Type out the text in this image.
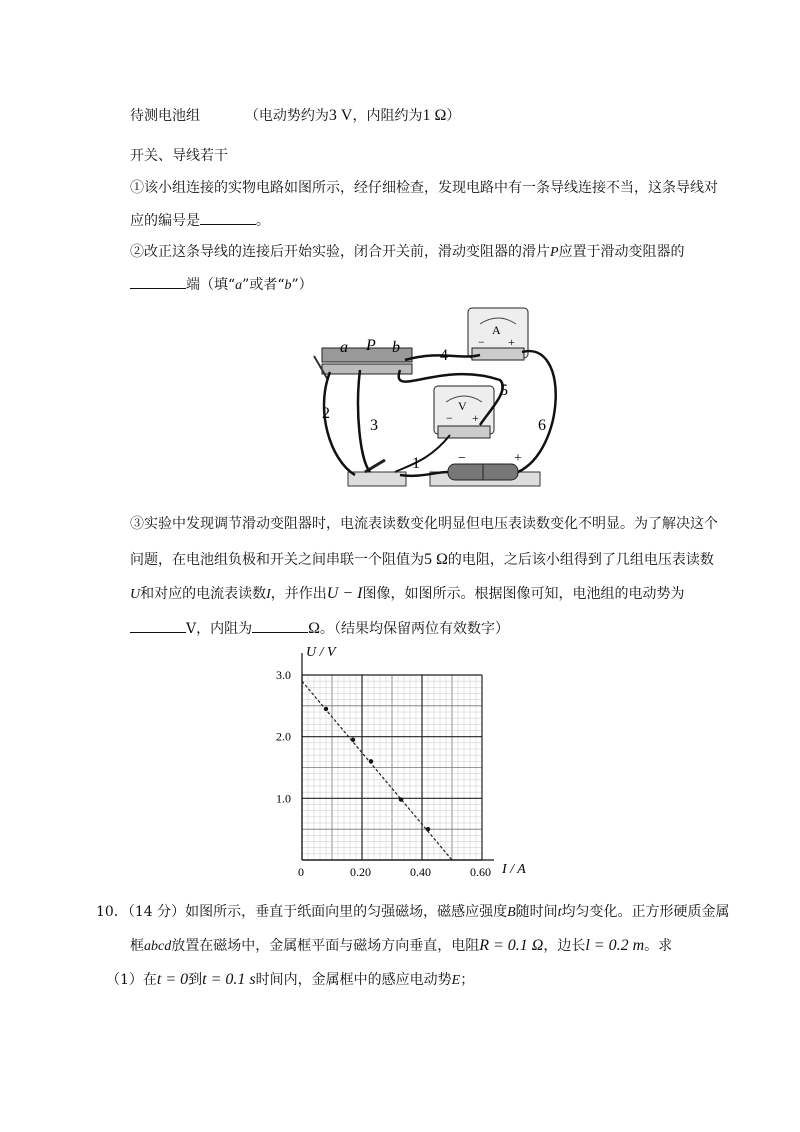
待测电池组	（电动势约为3 V，内阻约为1 Ω）
开关、导线若干
①该小组连接的实物电路如图所示，经仔细检查，发现电路中有一条导线连接不当，这条导线对
应的编号是	。
②改正这条导线的连接后开始实验，闭合开关前，滑动变阻器的滑片P应置于滑动变阻器的
端（填“a”或者“b”）
a P b	4
5
6
2
3
1
A
− +
V
− +
−	+
③实验中发现调节滑动变阻器时，电流表读数变化明显但电压表读数变化不明显。为了解决这个
问题，在电池组负极和开关之间串联一个阻值为5 Ω的电阻，之后该小组得到了几组电压表读数
U和对应的电流表读数I，并作出U − I图像，如图所示。根据图像可知，电池组的电动势为
V，内阻为	Ω。（结果均保留两位有效数字）
0	0.20	0.40	0.60
1.0
2.0
3.0
U / V
I / A
10．（14 分）如图所示，垂直于纸面向里的匀强磁场，磁感应强度B随时间t均匀变化。正方形硬质金属
框abcd放置在磁场中，金属框平面与磁场方向垂直，电阻R = 0.1 Ω，边长l = 0.2 m。求
（1）在t = 0到t = 0.1 s时间内，金属框中的感应电动势E；
